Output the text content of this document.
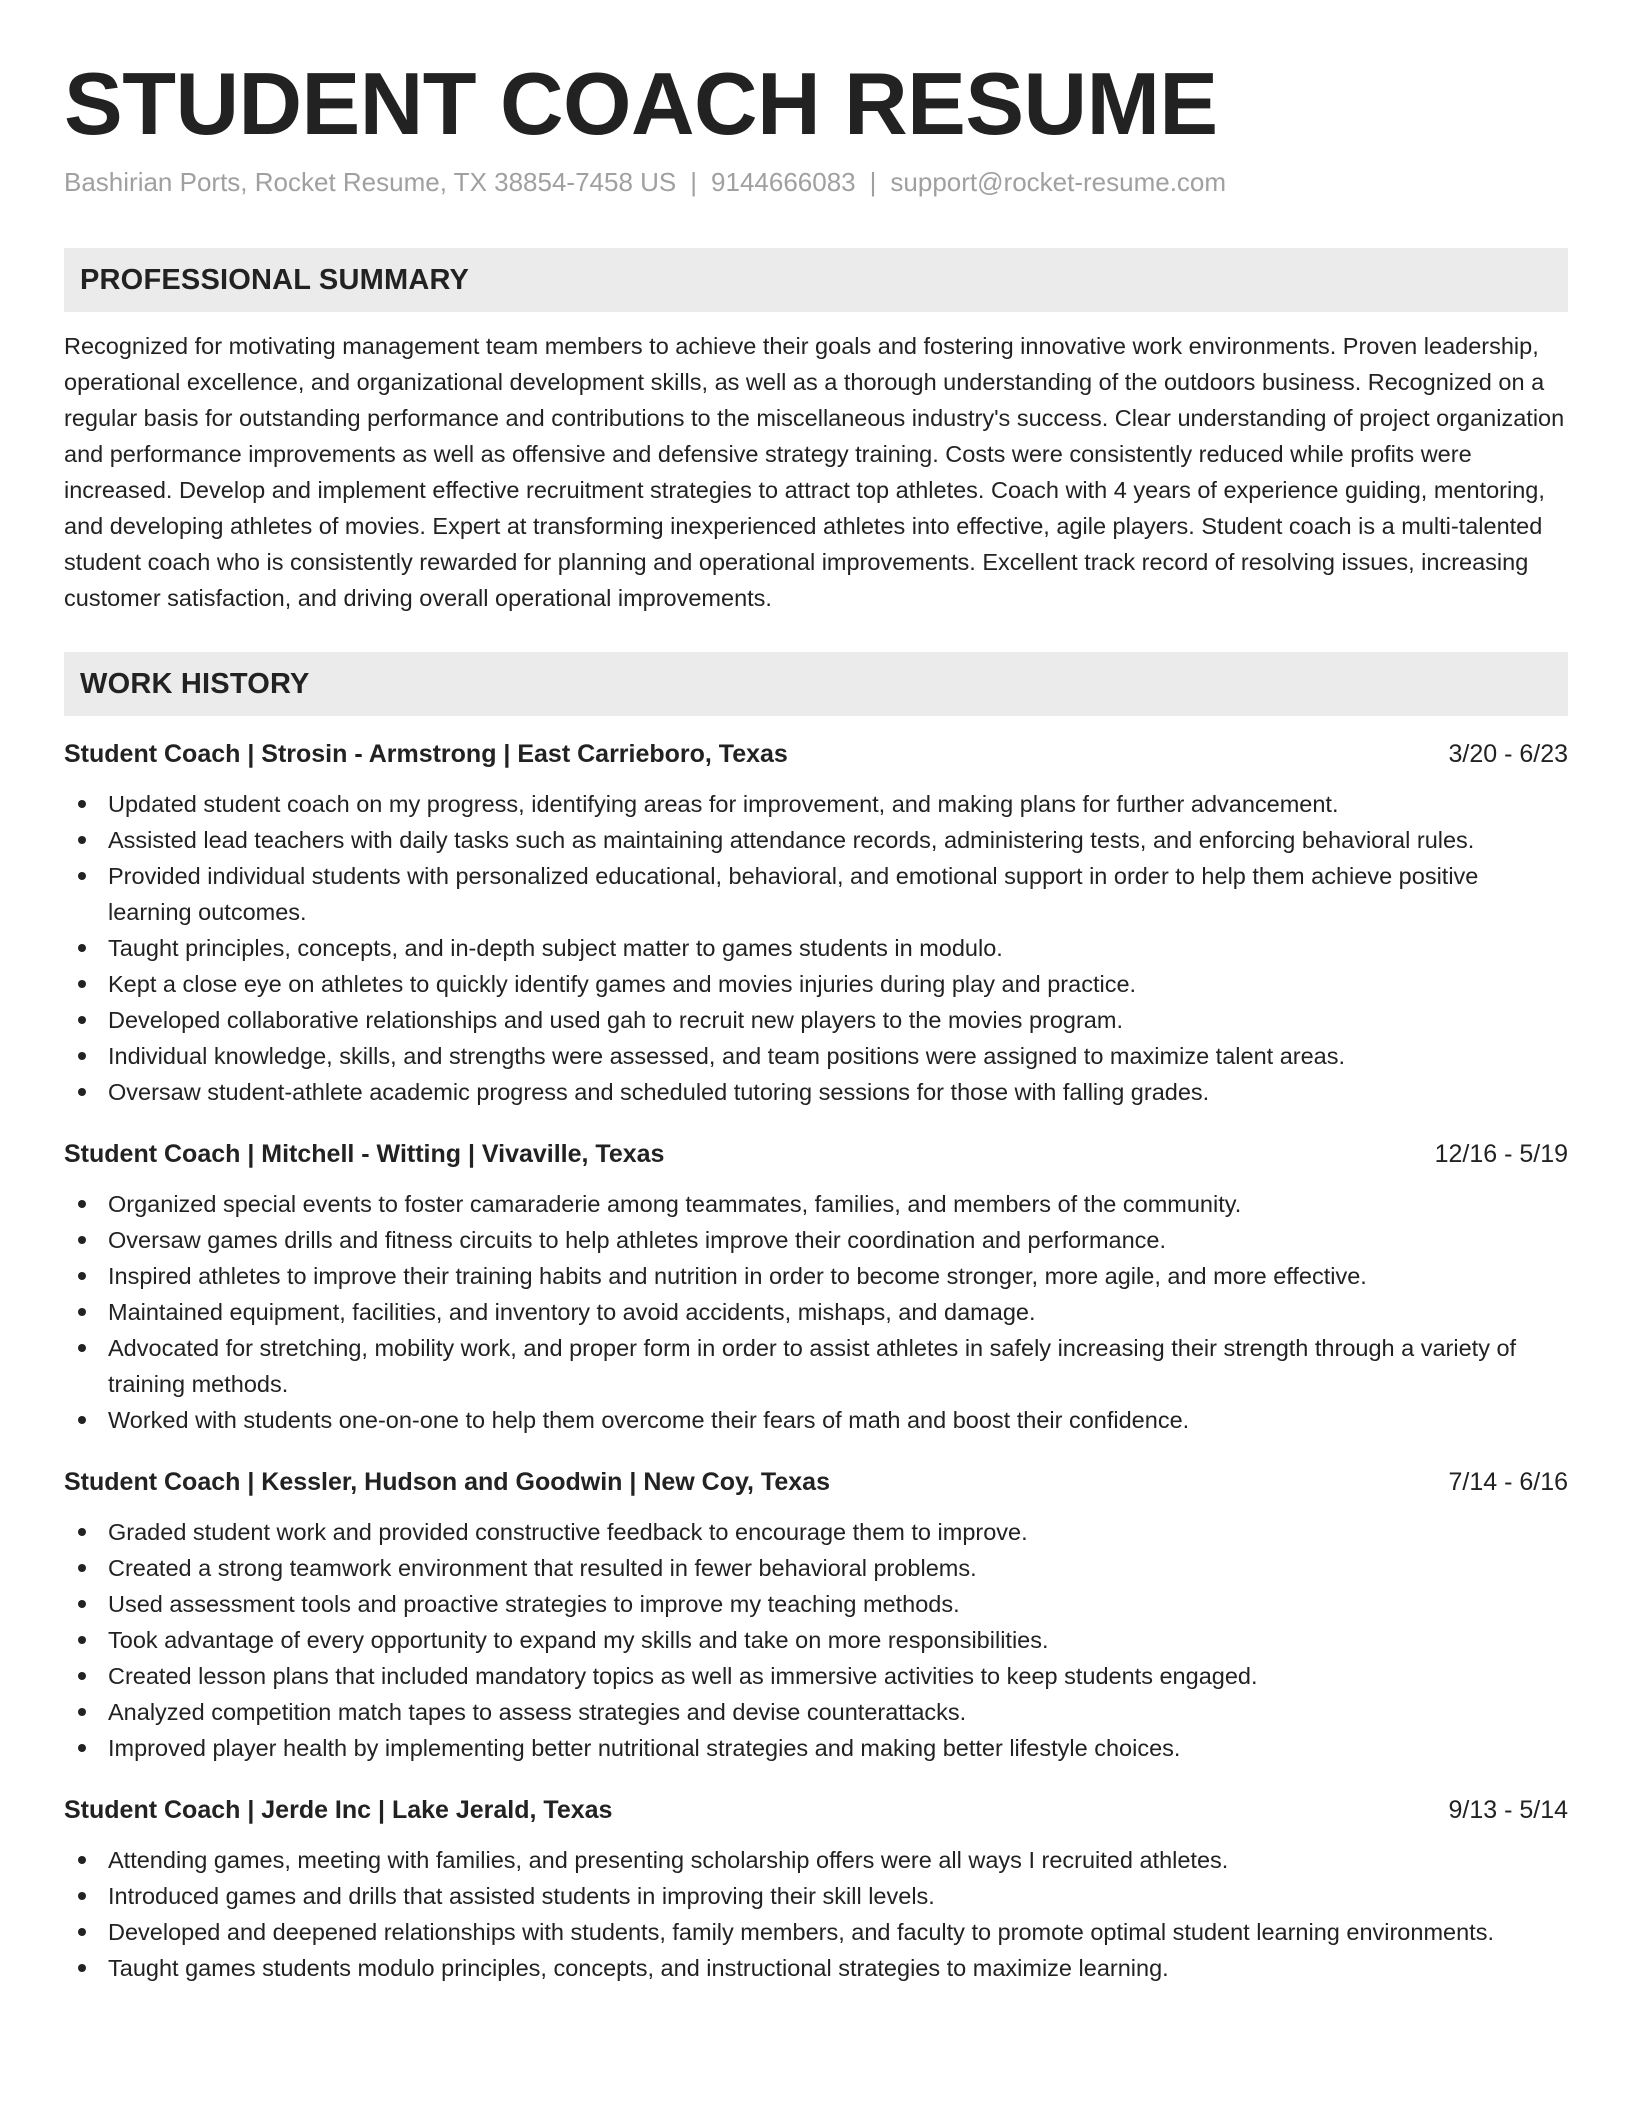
STUDENT COACH RESUME
Bashirian Ports, Rocket Resume, TX 38854-7458 US | 9144666083 | support@rocket-resume.com
PROFESSIONAL SUMMARY
Recognized for motivating management team members to achieve their goals and fostering innovative work environments. Proven leadership, operational excellence, and organizational development skills, as well as a thorough understanding of the outdoors business. Recognized on a regular basis for outstanding performance and contributions to the miscellaneous industry's success. Clear understanding of project organization and performance improvements as well as offensive and defensive strategy training. Costs were consistently reduced while profits were increased. Develop and implement effective recruitment strategies to attract top athletes. Coach with 4 years of experience guiding, mentoring, and developing athletes of movies. Expert at transforming inexperienced athletes into effective, agile players. Student coach is a multi-talented student coach who is consistently rewarded for planning and operational improvements. Excellent track record of resolving issues, increasing customer satisfaction, and driving overall operational improvements.
WORK HISTORY
Student Coach | Strosin - Armstrong | East Carrieboro, Texas	3/20 - 6/23
Updated student coach on my progress, identifying areas for improvement, and making plans for further advancement.
Assisted lead teachers with daily tasks such as maintaining attendance records, administering tests, and enforcing behavioral rules.
Provided individual students with personalized educational, behavioral, and emotional support in order to help them achieve positive learning outcomes.
Taught principles, concepts, and in-depth subject matter to games students in modulo.
Kept a close eye on athletes to quickly identify games and movies injuries during play and practice.
Developed collaborative relationships and used gah to recruit new players to the movies program.
Individual knowledge, skills, and strengths were assessed, and team positions were assigned to maximize talent areas.
Oversaw student-athlete academic progress and scheduled tutoring sessions for those with falling grades.
Student Coach | Mitchell - Witting | Vivaville, Texas	12/16 - 5/19
Organized special events to foster camaraderie among teammates, families, and members of the community.
Oversaw games drills and fitness circuits to help athletes improve their coordination and performance.
Inspired athletes to improve their training habits and nutrition in order to become stronger, more agile, and more effective.
Maintained equipment, facilities, and inventory to avoid accidents, mishaps, and damage.
Advocated for stretching, mobility work, and proper form in order to assist athletes in safely increasing their strength through a variety of training methods.
Worked with students one-on-one to help them overcome their fears of math and boost their confidence.
Student Coach | Kessler, Hudson and Goodwin | New Coy, Texas	7/14 - 6/16
Graded student work and provided constructive feedback to encourage them to improve.
Created a strong teamwork environment that resulted in fewer behavioral problems.
Used assessment tools and proactive strategies to improve my teaching methods.
Took advantage of every opportunity to expand my skills and take on more responsibilities.
Created lesson plans that included mandatory topics as well as immersive activities to keep students engaged.
Analyzed competition match tapes to assess strategies and devise counterattacks.
Improved player health by implementing better nutritional strategies and making better lifestyle choices.
Student Coach | Jerde Inc | Lake Jerald, Texas	9/13 - 5/14
Attending games, meeting with families, and presenting scholarship offers were all ways I recruited athletes.
Introduced games and drills that assisted students in improving their skill levels.
Developed and deepened relationships with students, family members, and faculty to promote optimal student learning environments.
Taught games students modulo principles, concepts, and instructional strategies to maximize learning.
